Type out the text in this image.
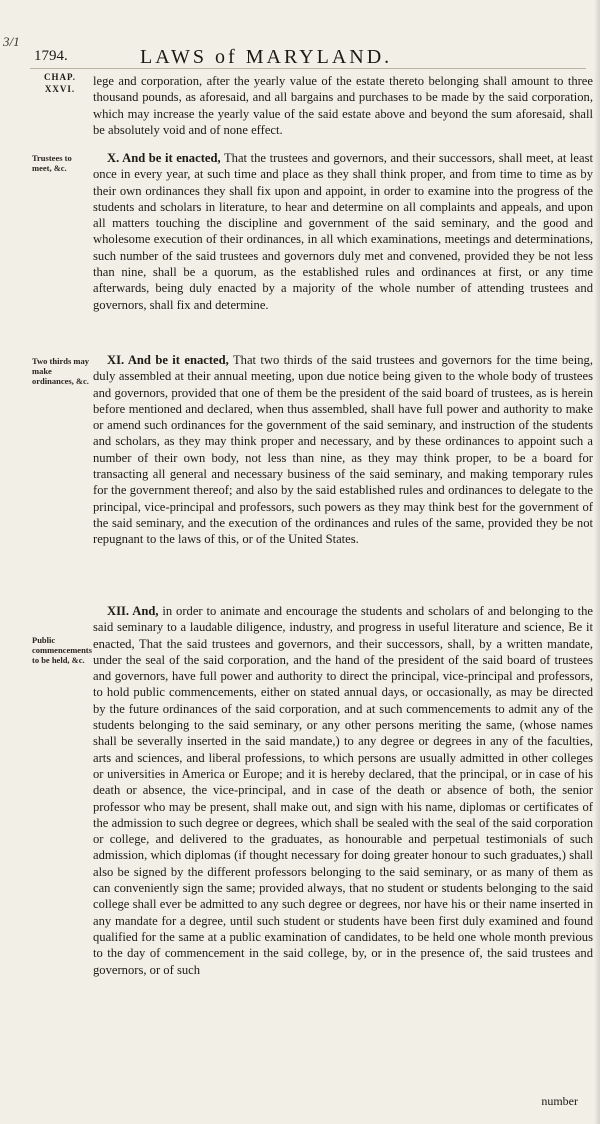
3/1
1794.	LAWS of MARYLAND.
CHAP. XXVI.
Trustees to meet, &c.
Two thirds may make ordinances, &c.
Public commencements to be held, &c.
lege and corporation, after the yearly value of the estate thereto belonging shall amount to three thousand pounds, as aforesaid, and all bargains and purchases to be made by the said corporation, which may increase the yearly value of the said estate above and beyond the sum aforesaid, shall be absolutely void and of none effect.
X. And be it enacted, That the trustees and governors, and their successors, shall meet, at least once in every year, at such time and place as they shall think proper, and from time to time as by their own ordinances they shall fix upon and appoint, in order to examine into the progress of the students and scholars in literature, to hear and determine on all complaints and appeals, and upon all matters touching the discipline and government of the said seminary, and the good and wholesome execution of their ordinances, in all which examinations, meetings and determinations, such number of the said trustees and governors duly met and convened, provided they be not less than nine, shall be a quorum, as the established rules and ordinances at first, or any time afterwards, being duly enacted by a majority of the whole number of attending trustees and governors, shall fix and determine.
XI. And be it enacted, That two thirds of the said trustees and governors for the time being, duly assembled at their annual meeting, upon due notice being given to the whole body of trustees and governors, provided that one of them be the president of the said board of trustees, as is herein before mentioned and declared, when thus assembled, shall have full power and authority to make or amend such ordinances for the government of the said seminary, and instruction of the students and scholars, as they may think proper and necessary, and by these ordinances to appoint such a number of their own body, not less than nine, as they may think proper, to be a board for transacting all general and necessary business of the said seminary, and making temporary rules for the government thereof; and also by the said established rules and ordinances to delegate to the principal, vice-principal and professors, such powers as they may think best for the government of the said seminary, and the execution of the ordinances and rules of the same, provided they be not repugnant to the laws of this, or of the United States.
XII. And, in order to animate and encourage the students and scholars of and belonging to the said seminary to a laudable diligence, industry, and progress in useful literature and science, Be it enacted, That the said trustees and governors, and their successors, shall, by a written mandate, under the seal of the said corporation, and the hand of the president of the said board of trustees and governors, have full power and authority to direct the principal, vice-principal and professors, to hold public commencements, either on stated annual days, or occasionally, as may be directed by the future ordinances of the said corporation, and at such commencements to admit any of the students belonging to the said seminary, or any other persons meriting the same, (whose names shall be severally inserted in the said mandate,) to any degree or degrees in any of the faculties, arts and sciences, and liberal professions, to which persons are usually admitted in other colleges or universities in America or Europe; and it is hereby declared, that the principal, or in case of his death or absence, the vice-principal, and in case of the death or absence of both, the senior professor who may be present, shall make out, and sign with his name, diplomas or certificates of the admission to such degree or degrees, which shall be sealed with the seal of the said corporation or college, and delivered to the graduates, as honourable and perpetual testimonials of such admission, which diplomas (if thought necessary for doing greater honour to such graduates,) shall also be signed by the different professors belonging to the said seminary, or as many of them as can conveniently sign the same; provided always, that no student or students belonging to the said college shall ever be admitted to any such degree or degrees, nor have his or their name inserted in any mandate for a degree, until such student or students have been first duly examined and found qualified for the same at a public examination of candidates, to be held one whole month previous to the day of commencement in the said college, by, or in the presence of, the said trustees and governors, or of such
number
